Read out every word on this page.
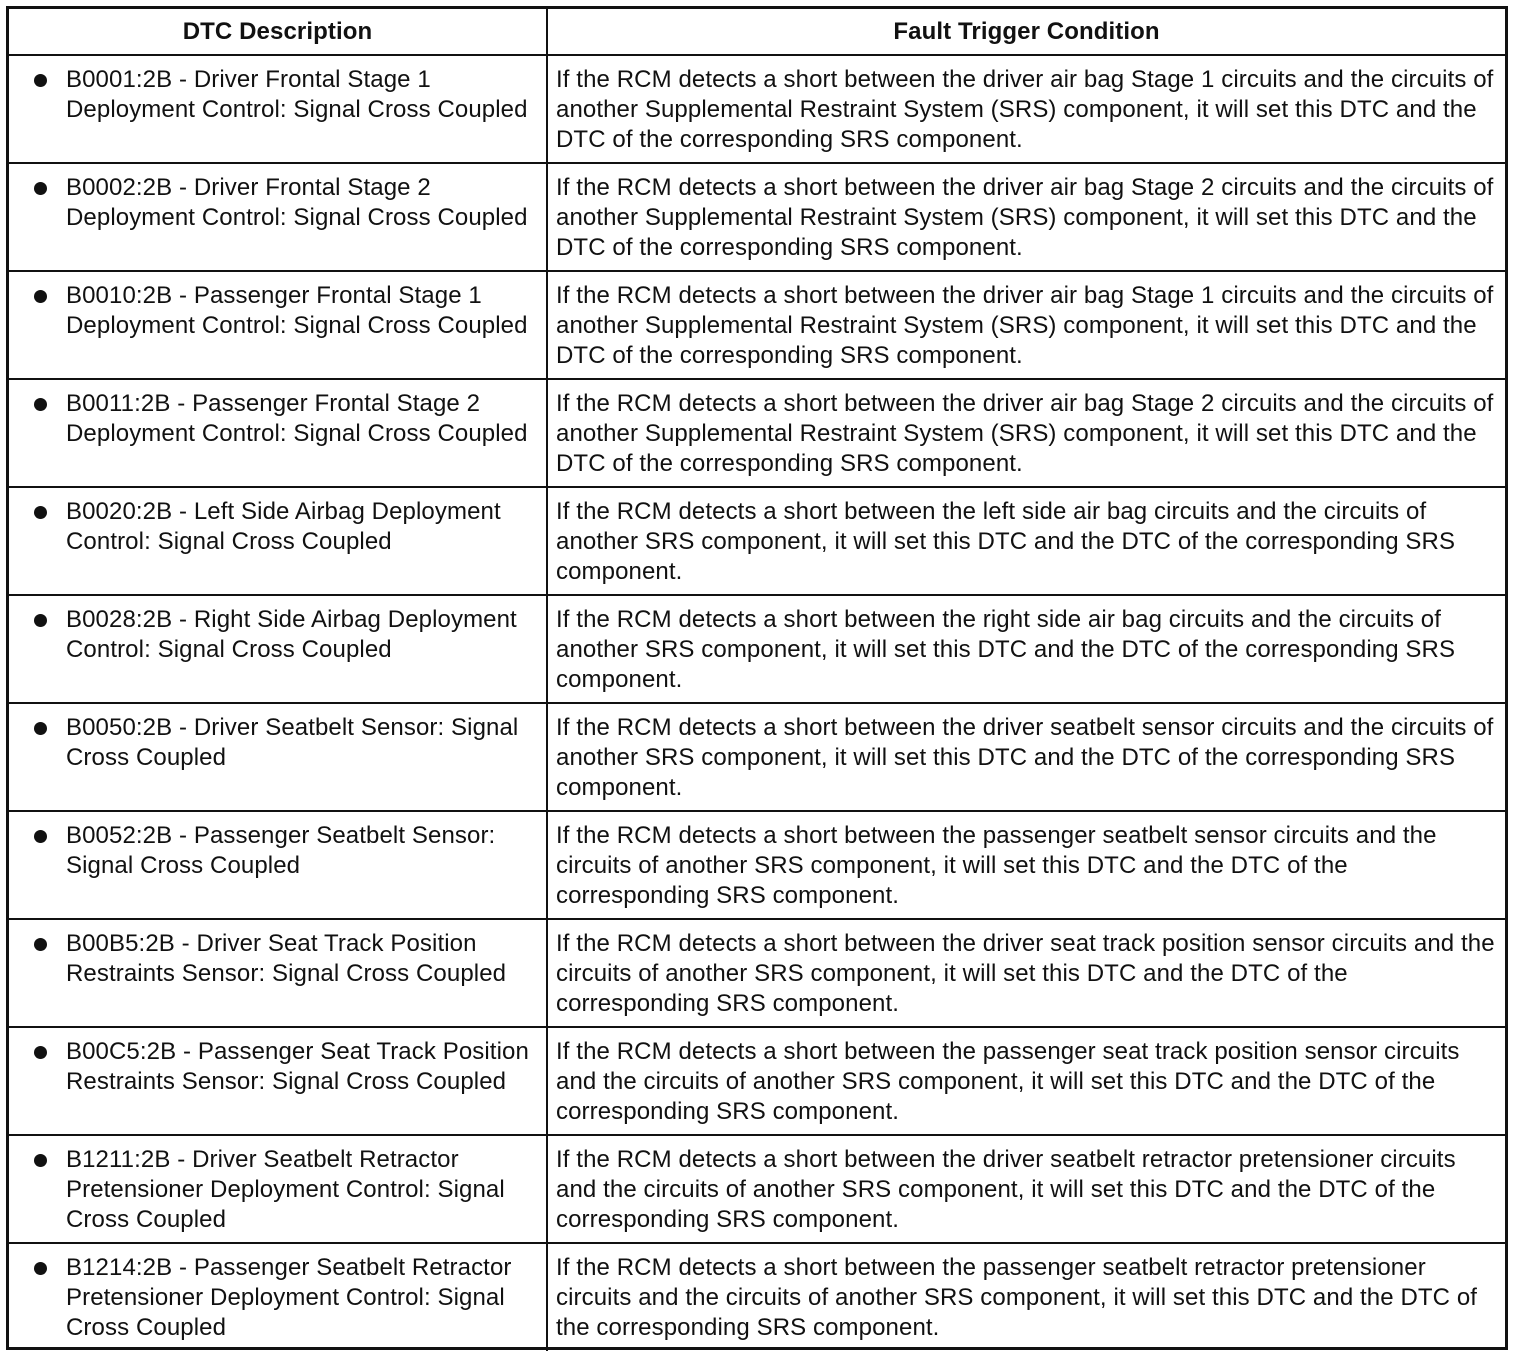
DTC Description	Fault Trigger Condition

B0001:2B - Driver Frontal Stage 1 Deployment Control: Signal Cross Coupled	If the RCM detects a short between the driver air bag Stage 1 circuits and the circuits of another Supplemental Restraint System (SRS) component, it will set this DTC and the DTC of the corresponding SRS component.

B0002:2B - Driver Frontal Stage 2 Deployment Control: Signal Cross Coupled	If the RCM detects a short between the driver air bag Stage 2 circuits and the circuits of another Supplemental Restraint System (SRS) component, it will set this DTC and the DTC of the corresponding SRS component.

B0010:2B - Passenger Frontal Stage 1 Deployment Control: Signal Cross Coupled	If the RCM detects a short between the driver air bag Stage 1 circuits and the circuits of another Supplemental Restraint System (SRS) component, it will set this DTC and the DTC of the corresponding SRS component.

B0011:2B - Passenger Frontal Stage 2 Deployment Control: Signal Cross Coupled	If the RCM detects a short between the driver air bag Stage 2 circuits and the circuits of another Supplemental Restraint System (SRS) component, it will set this DTC and the DTC of the corresponding SRS component.

B0020:2B - Left Side Airbag Deployment Control: Signal Cross Coupled	If the RCM detects a short between the left side air bag circuits and the circuits of another SRS component, it will set this DTC and the DTC of the corresponding SRS component.

B0028:2B - Right Side Airbag Deployment Control: Signal Cross Coupled	If the RCM detects a short between the right side air bag circuits and the circuits of another SRS component, it will set this DTC and the DTC of the corresponding SRS component.

B0050:2B - Driver Seatbelt Sensor: Signal Cross Coupled	If the RCM detects a short between the driver seatbelt sensor circuits and the circuits of another SRS component, it will set this DTC and the DTC of the corresponding SRS component.

B0052:2B - Passenger Seatbelt Sensor: Signal Cross Coupled	If the RCM detects a short between the passenger seatbelt sensor circuits and the circuits of another SRS component, it will set this DTC and the DTC of the corresponding SRS component.

B00B5:2B - Driver Seat Track Position Restraints Sensor: Signal Cross Coupled	If the RCM detects a short between the driver seat track position sensor circuits and the circuits of another SRS component, it will set this DTC and the DTC of the corresponding SRS component.

B00C5:2B - Passenger Seat Track Position Restraints Sensor: Signal Cross Coupled	If the RCM detects a short between the passenger seat track position sensor circuits and the circuits of another SRS component, it will set this DTC and the DTC of the corresponding SRS component.

B1211:2B - Driver Seatbelt Retractor Pretensioner Deployment Control: Signal Cross Coupled	If the RCM detects a short between the driver seatbelt retractor pretensioner circuits and the circuits of another SRS component, it will set this DTC and the DTC of the corresponding SRS component.

B1214:2B - Passenger Seatbelt Retractor Pretensioner Deployment Control: Signal Cross Coupled	If the RCM detects a short between the passenger seatbelt retractor pretensioner circuits and the circuits of another SRS component, it will set this DTC and the DTC of the corresponding SRS component.
